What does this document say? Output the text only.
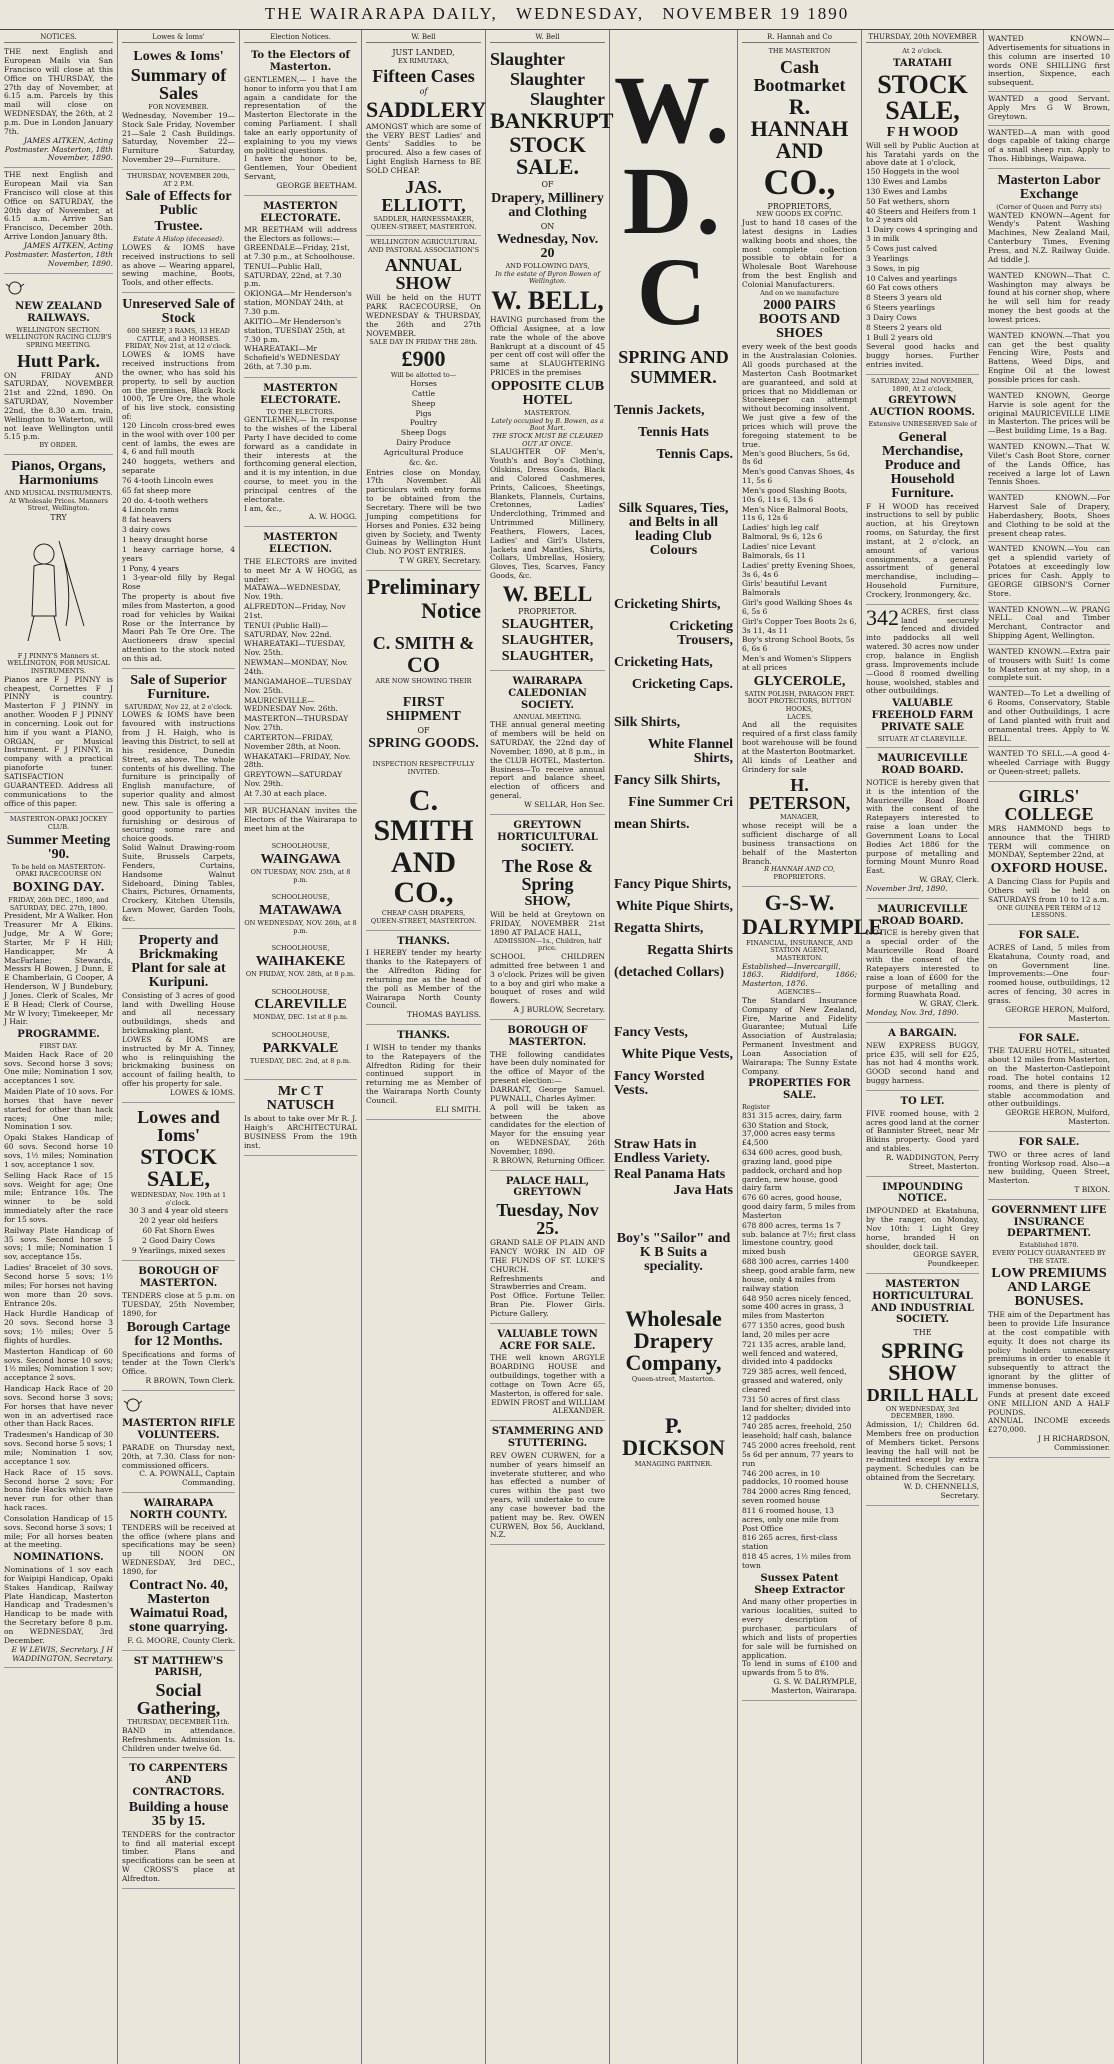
THE WAIRARAPA DAILY,
WEDNESDAY,
NOVEMBER 19 1890
NOTICES.
THE next English and European Mails via San Francisco will close at this Office on THURSDAY, the 27th day of November, at 6.15 a.m. Parcels by this mail will close on WEDNESDAY, the 26th, at 2 p.m. Due in London January 7th.
JAMES AITKEN, Acting Postmaster. Masterton, 18th November, 1890.
THE next English and European Mail via San Francisco will close at this Office on SATURDAY, the 20th day of November, at 6.15 a.m. Arrive San Francisco, December 20th. Arrive London January 8th.
JAMES AITKEN, Acting Postmaster. Masterton, 18th November, 1890.
NEW ZEALAND RAILWAYS.
WELLINGTON SECTION.
WELLINGTON RACING CLUB'S SPRING MEETING.
Hutt Park.
ON FRIDAY AND SATURDAY, NOVEMBER 21st and 22nd, 1890. On SATURDAY, November 22nd, the 8.30 a.m. train, Wellington to Waterton, will not leave Wellington until 5.15 p.m.
BY ORDER.
Pianos, Organs, Harmoniums
AND MUSICAL INSTRUMENTS. At Wholesale Prices. Manners Street, Wellington.
TRY
F J PINNY'S Manners st. WELLINGTON, FOR MUSICAL INSTRUMENTS.
Pianos are F J PINNY is cheapest, Cornettes F J PINNY is country. Masterton F J PINNY in another. Wooden F J PINNY in concerning. Look out for him if you want a PIANO, ORGAN, or Musical Instrument. F J PINNY, in company with a practical pianoforte tuner. SATISFACTION GUARANTEED. Address all communications to the office of this paper.
MASTERTON-OPAKI JOCKEY CLUB.
Summer Meeting '90.
To be held on MASTERTON-OPAKI RACECOURSE ON
BOXING DAY.
FRIDAY, 26th DEC., 1890, and SATURDAY, DEC. 27th, 1890.
President, Mr A Walker. Hon Treasurer Mr A Elkins. Judge, Mr A W Gore; Starter, Mr F H Hill; Handicapper, Mr A MacFarlane; Stewards, Messrs H Bowen, J Dunn, E E Chamberlain, G Cooper, A Henderson, W J Bundebury, J Jones. Clerk of Scales, Mr E B Head; Clerk of Course, Mr W Ivory; Timekeeper, Mr J Hair.
PROGRAMME.
FIRST DAY.

Maiden Hack Race of 20 sovs. Second horse 3 sovs; One mile; Nomination 1 sov, acceptances 1 sov.

Maiden Plate of 10 sovs. For horses that have never started for other than hack races; One mile; Nomination 1 sov.

Opaki Stakes Handicap of 60 sovs. Second horse 10 sovs, 1½ miles; Nomination 1 sov, acceptance 1 sov.

Selling Hack Race of 15 sovs. Weight for age; One mile; Entrance 10s. The winner to be sold immediately after the race for 15 sovs.

Railway Plate Handicap of 35 sovs. Second horse 5 sovs; 1 mile; Nomination 1 sov, acceptance 15s.

Ladies' Bracelet of 30 sovs. Second horse 5 sovs; 1½ miles; For horses not having won more than 20 sovs. Entrance 20s.

Hack Hurdle Handicap of 20 sovs. Second horse 3 sovs; 1½ miles; Over 5 flights of hurdles.

Masterton Handicap of 60 sovs. Second horse 10 sovs; 1½ miles; Nomination 1 sov; acceptance 2 sovs.

Handicap Hack Race of 20 sovs. Second horse 3 sovs; For horses that have never won in an advertised race other than Hack Races.

Tradesmen's Handicap of 30 sovs. Second horse 5 sovs; 1 mile; Nomination 1 sov, acceptance 1 sov.

Hack Race of 15 sovs. Second horse 2 sovs; For bona fide Hacks which have never run for other than hack races.

Consolation Handicap of 15 sovs. Second horse 3 sovs; 1 mile; For all horses beaten at the meeting.

NOMINATIONS.
Nominations of 1 sov each for Waipipi Handicap, Opaki Stakes Handicap, Railway Plate Handicap, Masterton Handicap and Tradesmen's Handicap to be made with the Secretary before 8 p.m. on WEDNESDAY, 3rd December.
E W LEWIS, Secretary. J H WADDINGTON, Secretary.
Lowes & Ioms'
Lowes & Ioms'
Summary of Sales
FOR NOVEMBER.
Wednesday, November 19—Stock Sale Friday, November 21—Sale 2 Cash Buildings. Saturday, November 22—Furniture Saturday, November 29—Furniture.
THURSDAY, NOVEMBER 20th, AT 2 P.M.
Sale of Effects for Public
Trustee.
Estate A Hislop (deceased).
LOWES & IOMS have received instructions to sell as above — Wearing apparel, sewing machine, Boots, Tools, and other effects.
Unreserved Sale of Stock
600 SHEEP, 3 RAMS, 13 HEAD CATTLE, and 3 HORSES.
FRIDAY, Nov 21st, at 12 o'clock.
LOWES & IOMS have received instructions from the owner, who has sold his property, to sell by auction on the premises, Black Rock 1000, Te Ure Ore, the whole of his live stock, consisting of:

120 Lincoln cross-bred ewes in the wool with over 100 per cent of lambs, the ewes are 4, 6 and full mouth

240 hoggets, wethers and separate

76 4-tooth Lincoln ewes

65 fat sheep more

20 do. 4-tooth wethers

4 Lincoln rams

8 fat heavers

3 dairy cows

1 heavy draught horse

1 heavy carriage horse, 4 years

1 Pony, 4 years

1 3-year-old filly by Regal Rose

The property is about five miles from Masterton, a good road for vehicles by Waikai Rose or the Interrance by Maori Pah Te Ore Ore. The Auctioneers draw special attention to the stock noted on this ad.
Sale of Superior Furniture.
SATURDAY, Nov 22, at 2 o'clock.
LOWES & IOMS have been favoured with instructions from J H. Haigh, who is leaving this District, to sell at his residence, Dunedin Street, as above. The whole contents of his dwelling. The furniture is principally of English manufacture, of superior quality and almost new. This sale is offering a good opportunity to parties furnishing or desirous of securing some rare and choice goods.
Solid Walnut Drawing-room Suite, Brussels Carpets, Fenders, Curtains, Handsome Walnut Sideboard, Dining Tables, Chairs, Pictures, Ornaments, Crockery, Kitchen Utensils, Lawn Mower, Garden Tools, &c.
Property and Brickmaking Plant for sale at Kuripuni.
Consisting of 3 acres of good land with Dwelling House and all necessary outbuildings, sheds and brickmaking plant.
LOWES & IOMS are instructed by Mr A. Tinney, who is relinquishing the brickmaking business on account of failing health, to offer his property for sale.
LOWES & IOMS.
Lowes and Ioms'
STOCK SALE,
WEDNESDAY, Nov. 19th at 1 o'clock.

30 3 and 4 year old steers

20 2 year old heifers

60 Fat Shorn Ewes

2 Good Dairy Cows

9 Yearlings, mixed sexes

BOROUGH OF MASTERTON.
TENDERS close at 5 p.m. on TUESDAY, 25th November, 1890, for
Borough Cartage for 12 Months.
Specifications and forms of tender at the Town Clerk's Office.
R BROWN, Town Clerk.
MASTERTON RIFLE VOLUNTEERS.
PARADE on Thursday next, 20th, at 7.30. Class for non-commissioned officers.
C. A. POWNALL, Captain Commanding.
WAIRARAPA NORTH COUNTY.
TENDERS will be received at the office (where plans and specifications may be seen) up till NOON ON WEDNESDAY, 3rd DEC., 1890, for
Contract No. 40, Masterton Waimatui Road, stone quarrying.
F. G. MOORE, County Clerk.
ST MATTHEW'S PARISH,
Social Gathering,
THURSDAY, DECEMBER 11th.
BAND in attendance. Refreshments. Admission 1s. Children under twelve 6d.
TO CARPENTERS AND CONTRACTORS.
Building a house 35 by 15.
TENDERS for the contractor to find all material except timber. Plans and specifications can be seen at W CROSS'S place at Alfredton.
Election Notices.
To the Electors of Masterton.
GENTLEMEN,— I have the honor to inform you that I am again a candidate for the representation of the Masterton Electorate in the coming Parliament. I shall take an early opportunity of explaining to you my views on political questions.
I have the honor to be, Gentlemen, Your Obedient Servant,
GEORGE BEETHAM.
MASTERTON ELECTORATE.
MR BEETHAM will address the Electors as follows:—

GREENDALE—Friday, 21st, at 7.30 p.m., at Schoolhouse.

TENUI—Public Hall, SATURDAY, 22nd, at 7.30 p.m.

OKIONGA—Mr Henderson's station, MONDAY 24th, at 7.30 p.m.

AKITIO—Mr Henderson's station, TUESDAY 25th, at 7.30 p.m.

WHAREATAKI—Mr Schofield's WEDNESDAY 26th, at 7.30 p.m.

MASTERTON ELECTORATE.
TO THE ELECTORS.
GENTLEMEN,— In response to the wishes of the Liberal Party I have decided to come forward as a candidate in their interests at the forthcoming general election, and it is my intention, in due course, to meet you in the principal centres of the electorate.
I am, &c.,
A. W. HOGG.
MASTERTON ELECTION.
THE ELECTORS are invited to meet Mr A W HOGG, as under:

MATAWA—WEDNESDAY, Nov. 19th.

ALFREDTON—Friday, Nov 21st.

TENUI (Public Hall)—SATURDAY, Nov. 22nd.

WHAREATAKI—TUESDAY, Nov. 25th.

NEWMAN—MONDAY, Nov. 24th.

MANGAMAHOE—TUESDAY Nov. 25th.

MAURICEVILLE—WEDNESDAY Nov. 26th.

MASTERTON—THURSDAY Nov. 27th.

CARTERTON—FRIDAY, November 28th, at Noon.

WHAKATAKI—FRIDAY, Nov. 28th.

GREYTOWN—SATURDAY Nov. 29th.

At 7.30 at each place.
MR BUCHANAN invites the Electors of the Wairarapa to meet him at the
SCHOOLHOUSE,
WAINGAWA
ON TUESDAY, NOV. 25th, at 8 p.m.
SCHOOLHOUSE,
MATAWAWA
ON WEDNESDAY, NOV. 26th, at 8 p.m.
SCHOOLHOUSE,
WAIHAKEKE
ON FRIDAY, NOV. 28th, at 8 p.m.
SCHOOLHOUSE,
CLAREVILLE
MONDAY, DEC. 1st at 8 p.m.
SCHOOLHOUSE,
PARKVALE
TUESDAY, DEC. 2nd, at 8 p.m.
Mr C T NATUSCH
Is about to take over Mr R. J. Haigh's ARCHITECTURAL BUSINESS From the 19th inst.
W. Bell
JUST LANDED,
EX RIMUTAKA,
Fifteen Cases
of
SADDLERY
AMONGST which are some of the VERY BEST Ladies' and Gents' Saddles to be procured. Also a few cases of Light English Harness to BE SOLD CHEAP.
JAS. ELLIOTT,
SADDLER, HARNESSMAKER, QUEEN-STREET, MASTERTON.
WELLINGTON AGRICULTURAL AND PASTORAL ASSOCIATION'S
ANNUAL SHOW
Will be held on the HUTT PARK RACECOURSE, On WEDNESDAY & THURSDAY, the 26th and 27th NOVEMBER.
SALE DAY IN FRIDAY THE 28th.
£900
Will be allotted to—

Horses

Cattle

Sheep

Pigs

Poultry

Sheep Dogs

Dairy Produce

Agricultural Produce

&c. &c.

Entries close on Monday, 17th November. All particulars with entry forms to be obtained from the Secretary. There will be two Jumping competitions for Horses and Ponies. £32 being given by Society, and Twenty Guineas by Wellington Hunt Club. NO POST ENTRIES.
T W GREY, Secretary.
Preliminary
Notice
C. SMITH &
CO
ARE NOW SHOWING THEIR
FIRST SHIPMENT
OF
SPRING GOODS.
INSPECTION RESPECTFULLY INVITED.
C. SMITH
AND CO.,
CHEAP CASH DRAPERS,
QUEEN-STREET, MASTERTON.
THANKS.
I HEREBY tender my hearty thanks to the Ratepayers of the Alfredton Riding for returning me as the head of the poll as Member of the Wairarapa North County Council.
THOMAS BAYLISS.
THANKS.
I WISH to tender my thanks to the Ratepayers of the Alfredton Riding for their continued support in returning me as Member of the Wairarapa North County Council.
ELI SMITH.
W. Bell
Slaughter
Slaughter
Slaughter
BANKRUPT
STOCK SALE.
OF
Drapery, Millinery and Clothing
ON
Wednesday, Nov. 20
AND FOLLOWING DAYS,
In the estate of Byron Bowen of Wellington.
W. BELL,
HAVING purchased from the Official Assignee, at a low rate the whole of the above Bankrupt at a discount of 45 per cent off cost will offer the same at SLAUGHTERING PRICES in the premises
OPPOSITE CLUB HOTEL
MASTERTON.
Lately occupied by B. Bowen, as a Boot Mart.
THE STOCK MUST BE CLEARED OUT AT ONCE.
SLAUGHTER OF Men's, Youth's and Boy's Clothing, Oilskins, Dress Goods, Black and Colored Cashmeres, Prints, Calicoes, Sheetings, Blankets, Flannels, Curtains, Cretonnes, Ladies' Underclothing, Trimmed and Untrimmed Millinery, Feathers, Flowers, Laces, Ladies' and Girl's Ulsters, Jackets and Mantles, Shirts, Collars, Umbrellas, Hosiery, Gloves, Ties, Scarves, Fancy Goods, &c.
W. BELL
PROPRIETOR.
SLAUGHTER,
SLAUGHTER,
SLAUGHTER,
WAIRARAPA CALEDONIAN SOCIETY.
ANNUAL MEETING.
THE annual general meeting of members will be held on SATURDAY, the 22nd day of November, 1890, at 8 p.m., in the CLUB HOTEL, Masterton. Business—To receive annual report and balance sheet, election of officers and general.
W SELLAR, Hon Sec.
GREYTOWN HORTICULTURAL SOCIETY.
The Rose & Spring
SHOW,
Will be held at Greytown on FRIDAY, NOVEMBER 21st 1890 AT PALACE HALL,
ADMISSION—1s., Children, half price.
SCHOOL CHILDREN admitted free between 1 and 3 o'clock. Prizes will be given to a boy and girl who make a bouquet of roses and wild flowers.
A J BURLOW, Secretary.
BOROUGH OF MASTERTON.
THE following candidates have been duly nominated for the office of Mayor of the present election:—
DARRANT, George Samuel. PUWNALL, Charles Aylmer.
A poll will be taken as between the above candidates for the election of Mayor for the ensuing year on WEDNESDAY, 26th November, 1890.
R BROWN, Returning Officer.
PALACE HALL, GREYTOWN
Tuesday, Nov 25.
GRAND SALE OF PLAIN AND FANCY WORK IN AID OF THE FUNDS OF ST. LUKE'S CHURCH.
Refreshments and Strawberries and Cream.
Post Office. Fortune Teller. Bran Pie. Flower Girls. Picture Gallery.
VALUABLE TOWN ACRE FOR SALE.
THE well known ARGYLE BOARDING HOUSE and outbuildings, together with a cottage on Town Acre 65, Masterton, is offered for sale.
EDWIN FROST and WILLIAM ALEXANDER.
STAMMERING AND STUTTERING.
REV OWEN CURWEN, for a number of years himself an inveterate stutterer, and who has effected a number of cures within the past two years, will undertake to cure any case however bad the patient may be. Rev. OWEN CURWEN, Box 56, Auckland, N.Z.
W. D.
C
SPRING AND
SUMMER.
Tennis Jackets,
Tennis Hats
Tennis Caps.
Silk Squares, Ties, and Belts in all leading Club Colours
Cricketing Shirts,
Cricketing Trousers,
Cricketing Hats,
Cricketing Caps.
Silk Shirts,
White Flannel Shirts,
Fancy Silk Shirts,
Fine Summer Cri
mean Shirts.
Fancy Pique Shirts,
White Pique Shirts,
Regatta Shirts,
Regatta Shirts
(detached Collars)
Fancy Vests,
White Pique Vests,
Fancy Worsted Vests.
Straw Hats in Endless Variety.
Real Panama Hats
Java Hats
Boy's "Sailor" and K B Suits a speciality.
Wholesale Drapery Company,
Queen-street, Masterton.
P. DICKSON
MANAGING PARTNER.
R. Hannah and Co
THE MASTERTON
Cash Bootmarket
R. HANNAH AND
CO.,
PROPRIETORS,
NEW GOODS EX COPTIC.
Just to hand 18 cases of the latest designs in Ladies walking boots and shoes, the most complete collection possible to obtain for a Wholesale Boot Warehouse from the best English and Colonial Manufacturers.
And on we manufacture
2000 PAIRS BOOTS AND SHOES
every week of the best goods in the Australasian Colonies. All goods purchased at the Masterton Cash Bootmarket are guaranteed, and sold at prices that no Middleman or Storekeeper can attempt without becoming insolvent.
We just give a few of the prices which will prove the foregoing statement to be true.

Men's good Bluchers, 5s 6d, 8s 6d

Men's good Canvas Shoes, 4s 11, 5s 6

Men's good Slashing Boots, 10s 6, 11s 6, 13s 6

Men's Nice Balmoral Boots, 11s 6, 12s 6

Ladies' high leg calf Balmoral, 9s 6, 12s 6

Ladies' nice Levant Balmorals, 6s 11

Ladies' pretty Evening Shoes, 3s 6, 4s 6

Girls' beautiful Levant Balmorals

Girl's good Walking Shoes 4s 6, 5s 6

Girl's Copper Toes Boots 2s 6, 3s 11, 4s 11

Boy's strong School Boots, 5s 6, 6s 6

Men's and Women's Slippers at all prices

GLYCEROLE,
SATIN POLISH, PARAGON FRET.
BOOT PROTECTORS, BUTTON HOOKS,
LACES.
And all the requisites required of a first class family boot warehouse will be found at the Masterton Bootmarket.
All kinds of Leather and Grindery for sale
H. PETERSON,
MANAGER,
whose receipt will be a sufficient discharge of all business transactions on behalf of the Masterton Branch.
R HANNAH AND CO,
PROPRIETORS.
G-S-W.
DALRYMPLE
FINANCIAL, INSURANCE, AND STATION AGENT,
MASTERTON.
Established—Invercargill, 1863. Riddiford, 1866; Masterton, 1876.
AGENCIES—
The Standard Insurance Company of New Zealand, Fire, Marine and Fidelity Guarantee; Mutual Life Association of Australasia; Permanent Investment and Loan Association of Wairarapa; The Sunny Estate Company.
PROPERTIES FOR SALE.
Register

831 315 acres, dairy, farm

630 Station and Stock, 37,000 acres easy terms £4,500

634 600 acres, good bush, grazing land, good pipe paddock, orchard and hop garden, new house, good dairy farm

676 60 acres, good house, good dairy farm, 5 miles from Masterton

678 800 acres, terms 1s 7 sub. balance at 7½; first class limestone country, good mixed bush

688 300 acres, carries 1400 sheep, good arable farm, new house, only 4 miles from railway station

648 950 acres nicely fenced, some 400 acres in grass, 3 miles from Masterton

677 1350 acres, good bush land, 20 miles per acre

721 135 acres, arable land, well fenced and watered, divided into 4 paddocks

729 385 acres, well fenced, grassed and watered, only cleared

731 50 acres of first class land for shelter; divided into 12 paddocks

740 285 acres, freehold, 250 leasehold; half cash, balance

745 2000 acres freehold, rent 5s 6d per annum, 77 years to run

746 200 acres, in 10 paddocks, 10 roomed house

784 2000 acres Ring fenced, seven roomed house

811 6 roomed house, 13 acres, only one mile from Post Office

816 265 acres, first-class station

818 45 acres, 1½ miles from town

Sussex Patent Sheep Extractor
And many other properties in various localities, suited to every description of purchaser, particulars of which and lists of properties for sale will be furnished on application.
To lend in sums of £100 and upwards from 5 to 8%.
G. S. W. DALRYMPLE, Masterton, Wairarapa.
THURSDAY, 20th NOVEMBER
At 2 o'clock.
TARATAHI
STOCK SALE,
F H WOOD
Will sell by Public Auction at his Taratahi yards on the above date at 1 o'clock,

150 Hoggets in the wool

130 Ewes and Lambs

130 Ewes and Lambs

50 Fat wethers, shorn

40 Steers and Heifers from 1 to 2 years old

1 Dairy cows 4 springing and 3 in milk

5 Cows just calved

3 Yearlings

3 Sows, in pig

10 Calves and yearlings

60 Fat cows others

8 Steers 3 years old

6 Steers yearlings

3 Dairy Cows

8 Steers 2 years old

1 Bull 2 years old

Several good hacks and buggy horses. Further entries invited.
SATURDAY, 22nd NOVEMBER, 1890, At 2 o'clock,
GREYTOWN AUCTION ROOMS.
Extensive UNRESERVED Sale of
General Merchandise, Produce and Household Furniture.
F H WOOD has received instructions to sell by public auction, at his Greytown rooms, on Saturday, the first instant, at 2 o'clock, an amount of various consignments, a general assortment of general merchandise, including—Household Furniture, Crockery, Ironmongery, &c.
342 ACRES, first class land securely fenced and divided into paddocks all well watered. 30 acres now under crop, balance in English grass. Improvements include—Good 8 roomed dwelling house, woolshed, stables and other outbuildings.
VALUABLE FREEHOLD FARM PRIVATE SALE
SITUATE AT CLAREVILLE.
MAURICEVILLE ROAD BOARD.
NOTICE is hereby given that it is the intention of the Mauriceville Road Board with the consent of the Ratepayers interested to raise a loan under the Government Loans to Local Bodies Act 1886 for the purpose of metalling and forming Mount Munro Road East.
W. GRAY, Clerk.
November 3rd, 1890.
MAURICEVILLE ROAD BOARD.
NOTICE is hereby given that a special order of the Mauriceville Road Board with the consent of the Ratepayers interested to raise a loan of £600 for the purpose of metalling and forming Ruawhata Road.
W. GRAY, Clerk.
Monday, Nov. 3rd, 1890.
A BARGAIN.
NEW EXPRESS BUGGY, price £35, will sell for £25, has not had 4 months work. GOOD second hand and buggy harness.
TO LET.
FIVE roomed house, with 2 acres good land at the corner of Bannister Street, near Mr Bikins property. Good yard and stables.
R. WADDINGTON, Perry Street, Masterton.
IMPOUNDING NOTICE.
IMPOUNDED at Ekatahuna, by the ranger, on Monday, Nov 10th: 1 Light Grey horse, branded H on shoulder, dock tail.
GEORGE SAYER, Poundkeeper.
MASTERTON HORTICULTURAL AND INDUSTRIAL SOCIETY.
THE
SPRING SHOW
DRILL HALL
ON WEDNESDAY, 3rd DECEMBER, 1890.
Admission, 1/; Children 6d. Members free on production of Members ticket. Persons leaving the hall will not be re-admitted except by extra payment. Schedules can be obtained from the Secretary.
W. D. CHENNELLS, Secretary.
WANTED KNOWN—Advertisements for situations in this column are inserted 10 words ONE SHILLING first insertion, Sixpence, each subsequent.
WANTED a good Servant. Apply Mrs G W Brown, Greytown.
WANTED—A man with good dogs capable of taking charge of a small sheep run. Apply to Thos. Hibbings, Waipawa.
Masterton Labor Exchange
(Corner of Queen and Perry sts)
WANTED KNOWN—Agent for Wendy's Patent Washing Machines, New Zealand Mail, Canterbury Times, Evening Press, and N.Z. Railway Guide. Ad tiddle J.
WANTED KNOWN—That C. Washington may always be found at his corner shop, where he will sell him for ready money the best goods at the lowest prices.
WANTED KNOWN.—That you can get the best quality Fencing Wire, Posts and Battens, Weed Dips, and Engine Oil at the lowest possible prices for cash.
WANTED KNOWN, George Harvie is sole agent for the original MAURICEVILLE LIME in Masterton. The prices will be—Best building Lime, 1s a Bag.
WANTED KNOWN.—That W. Vilet's Cash Boot Store, corner of the Lands Office, has received a large lot of Lawn Tennis Shoes.
WANTED KNOWN.—For Harvest Sale of Drapery, Haberdashery, Boots, Shoes and Clothing to be sold at the present cheap rates.
WANTED KNOWN.—You can get a splendid variety of Potatoes at exceedingly low prices for Cash. Apply to GEORGE GIBSON'S Corner Store.
WANTED KNOWN.—W. PRANG NELL. Coal and Timber Merchant, Contractor and Shipping Agent, Wellington.
WANTED KNOWN.—Extra pair of trousers with Suit! 1s come to Masterton at my shop, in a complete suit.
WANTED—To Let a dwelling of 6 Rooms, Conservatory, Stable and other Outbuildings, 1 acre of Land planted with fruit and ornamental trees. Apply to W. BELL.
WANTED TO SELL.—A good 4-wheeled Carriage with Buggy or Queen-street; pallets.
GIRLS' COLLEGE
MRS HAMMOND begs to announce that the THIRD TERM will commence on MONDAY, September 22nd, at
OXFORD HOUSE.
A Dancing Class for Pupils and Others will be held on SATURDAYS from 10 to 12 a.m.
ONE GUINEA PER TERM of 12
LESSONS.
FOR SALE.
ACRES of Land, 5 miles from Ekatahuna, County road, and on Government line. Improvements:—One four-roomed house, outbuildings, 12 acres of fencing, 30 acres in grass.
GEORGE HERON, Mulford, Masterton.
FOR SALE.
THE TAUERU HOTEL, situated about 12 miles from Masterton, on the Masterton-Castlepoint road. The hotel contains 12 rooms, and there is plenty of stable accommodation and other outbuildings.
GEORGE HERON, Mulford, Masterton.
FOR SALE.
TWO or three acres of land fronting Worksop road. Also—a new building, Queen Street, Masterton.
T BIXON.
GOVERNMENT LIFE INSURANCE DEPARTMENT.
Established 1870.
EVERY POLICY GUARANTEED BY THE STATE.
LOW PREMIUMS AND LARGE BONUSES.
THE aim of the Department has been to provide Life Insurance at the cost compatible with equity. It does not charge its policy holders unnecessary premiums in order to enable it subsequently to attract the ignorant by the glitter of immense bonuses.
Funds at present date exceed ONE MILLION AND A HALF POUNDS.
ANNUAL INCOME exceeds £270,000.
J H RICHARDSON, Commissioner.
